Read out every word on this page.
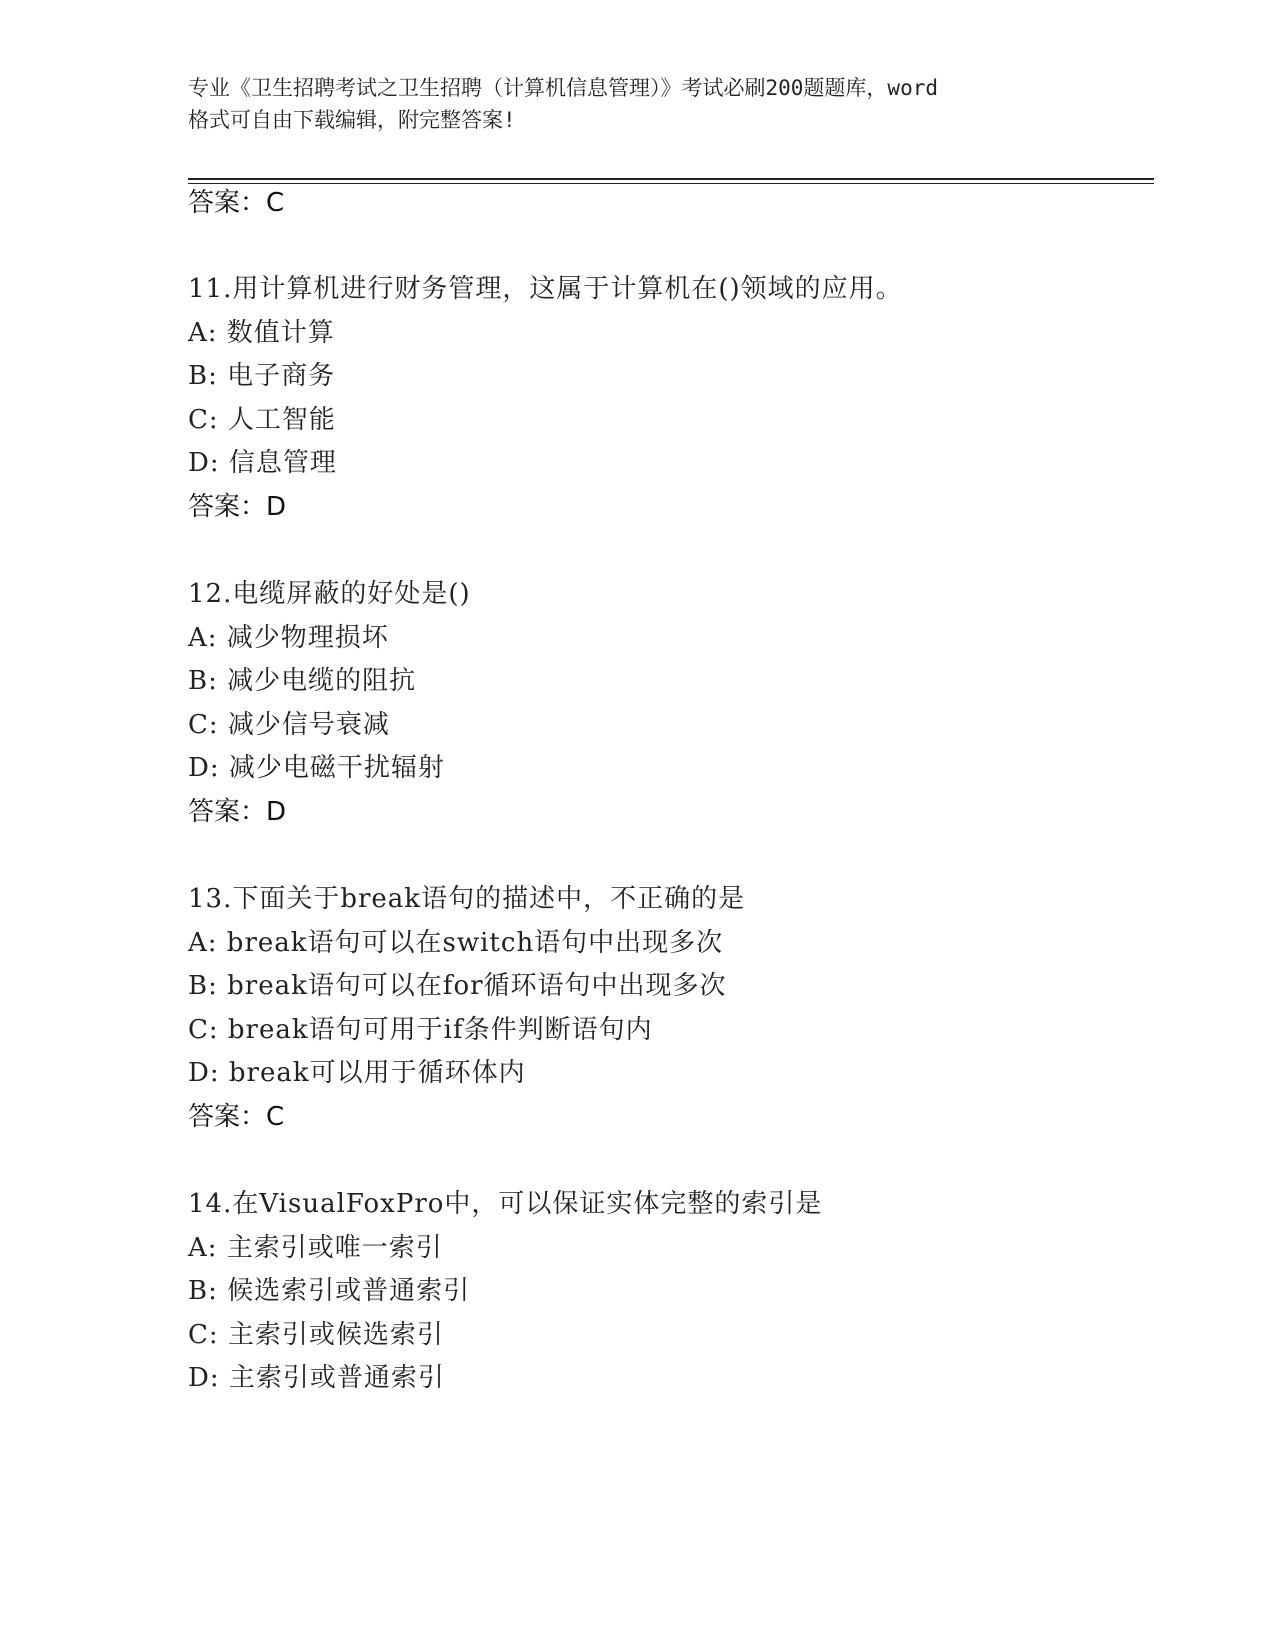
专业《卫生招聘考试之卫生招聘（计算机信息管理）》考试必刷200题题库，word
格式可自由下载编辑，附完整答案!
答案：C
11.用计算机进行财务管理，这属于计算机在()领域的应用。
A: 数值计算
B: 电子商务
C: 人工智能
D: 信息管理
答案：D
12.电缆屏蔽的好处是()
A: 减少物理损坏
B: 减少电缆的阻抗
C: 减少信号衰减
D: 减少电磁干扰辐射
答案：D
13.下面关于break语句的描述中，不正确的是
A: break语句可以在switch语句中出现多次
B: break语句可以在for循环语句中出现多次
C: break语句可用于if条件判断语句内
D: break可以用于循环体内
答案：C
14.在VisualFoxPro中，可以保证实体完整的索引是
A: 主索引或唯一索引
B: 候选索引或普通索引
C: 主索引或候选索引
D: 主索引或普通索引
